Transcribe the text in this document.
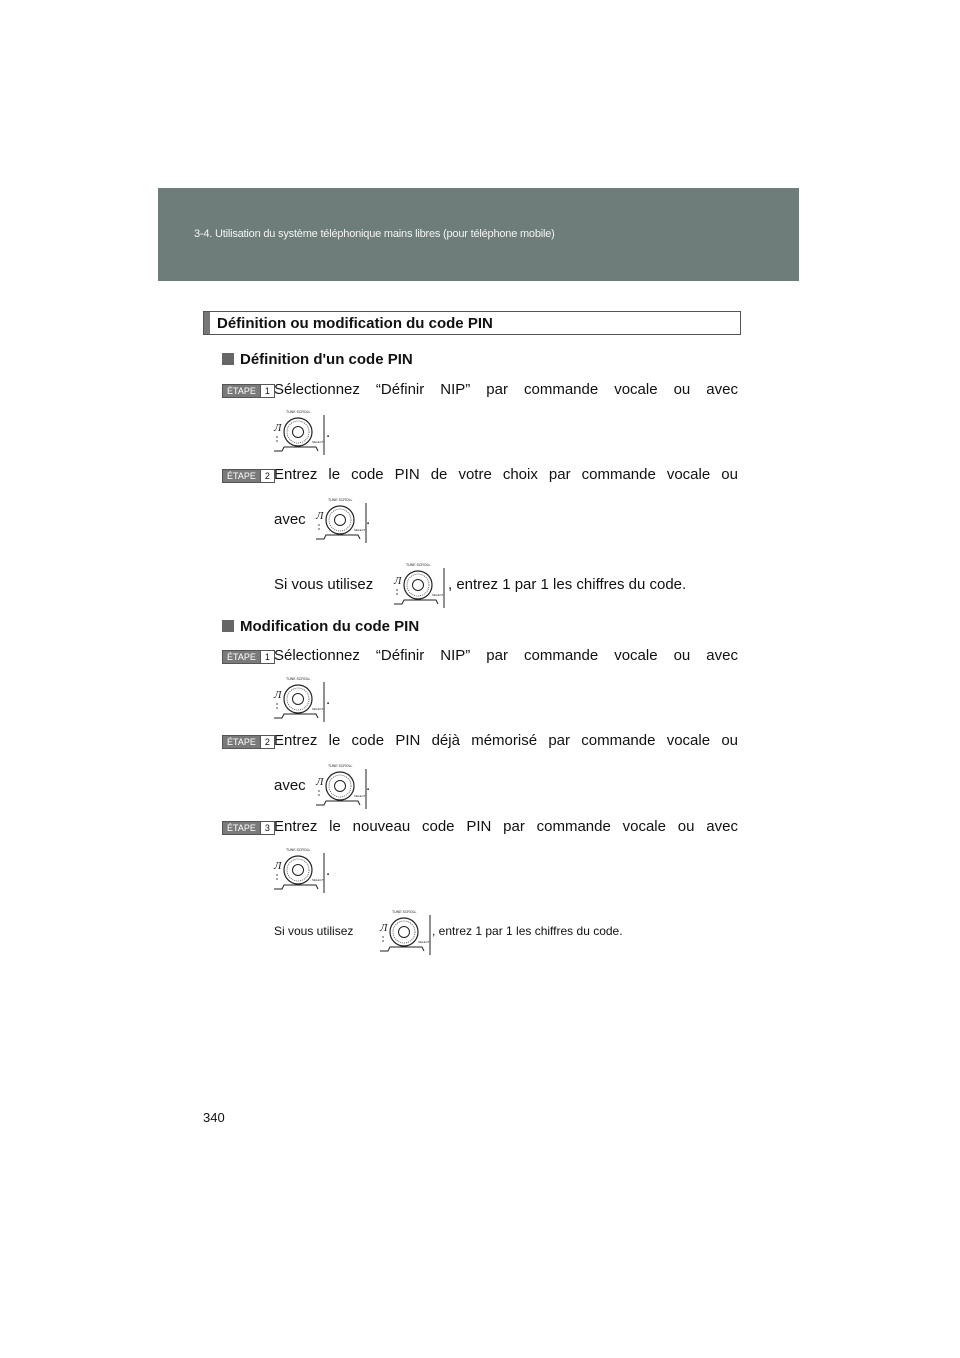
3-4. Utilisation du système téléphonique mains libres (pour téléphone mobile)
Définition ou modification du code PIN
Définition d'un code PIN
ÉTAPE	1 Sélectionnez “Définir NIP” par commande vocale ou avec
.
ÉTAPE	2 Entrez le code PIN de votre choix par commande vocale ou
avec	.
Si vous utilisez	, entrez 1 par 1 les chiffres du code.
Modification du code PIN
ÉTAPE	1 Sélectionnez “Définir NIP” par commande vocale ou avec
.
ÉTAPE	2 Entrez le code PIN déjà mémorisé par commande vocale ou
avec	.
ÉTAPE	3 Entrez le nouveau code PIN par commande vocale ou avec
.
Si vous utilisez	, entrez 1 par 1 les chiffres du code.
340
